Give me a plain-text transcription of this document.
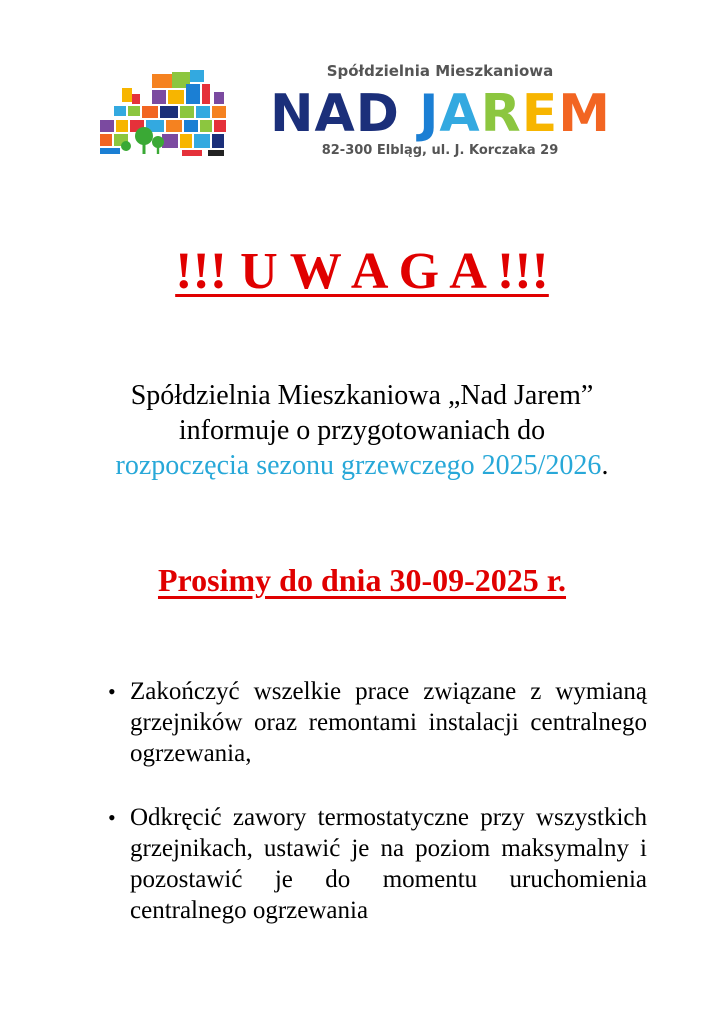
Spółdzielnia Mieszkaniowa
NAD JAREM
82-300 Elbląg, ul. J. Korczaka 29
!!! U W A G A !!!
Spółdzielnia Mieszkaniowa „Nad Jarem”
informuje o przygotowaniach do
rozpoczęcia sezonu grzewczego 2025/2026.
Prosimy do dnia 30-09-2025 r.
• Zakończyć wszelkie prace związane z wymianą grzejników oraz remontami instalacji centralnego ogrzewania,
• Odkręcić zawory termostatyczne przy wszystkich grzejnikach, ustawić je na poziom maksymalny i pozostawić je do momentu uruchomienia centralnego ogrzewania
